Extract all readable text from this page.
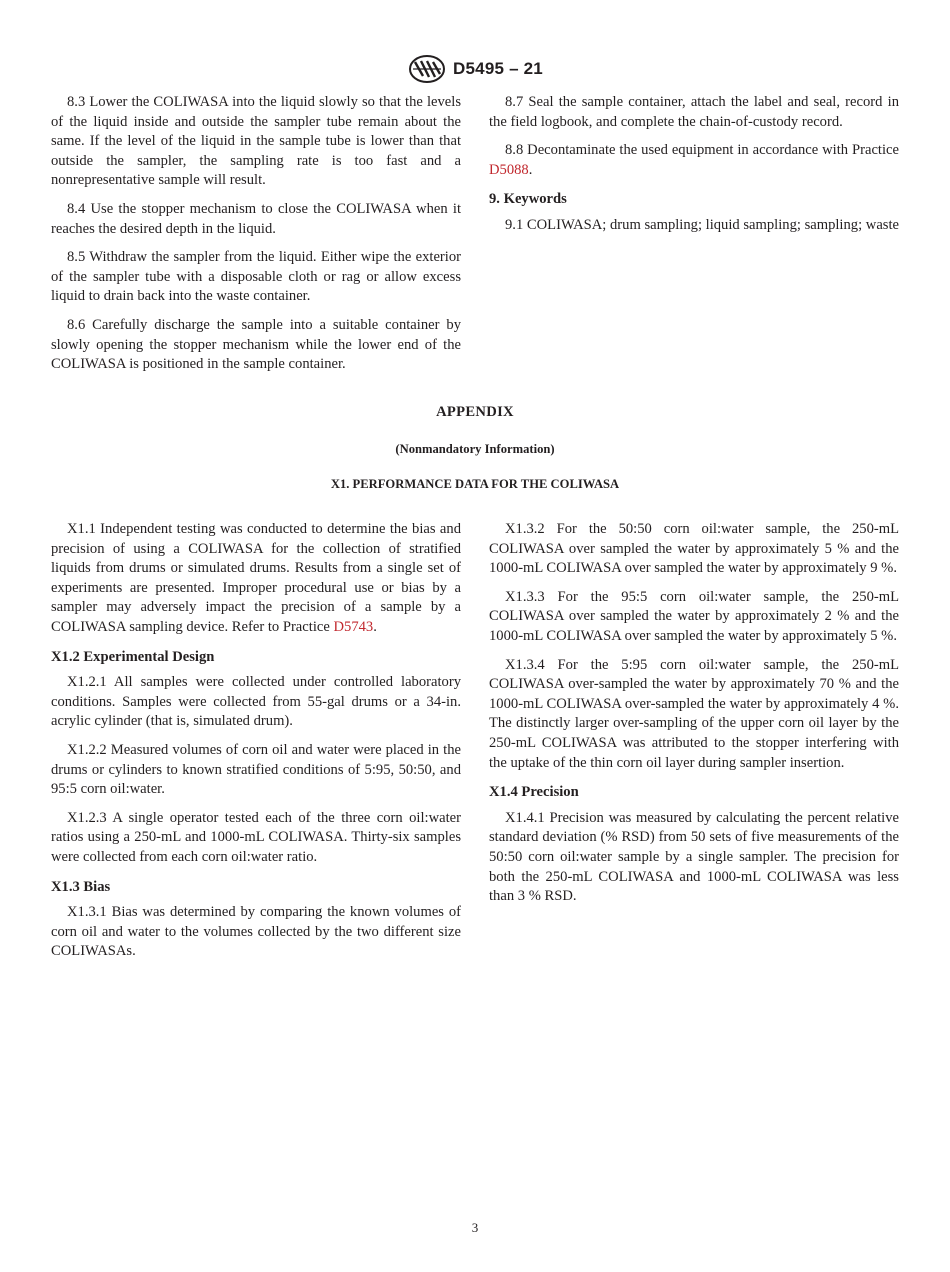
D5495 – 21

8.3 Lower the COLIWASA into the liquid slowly so that the levels of the liquid inside and outside the sampler tube remain about the same. If the level of the liquid in the sample tube is lower than that outside the sampler, the sampling rate is too fast and a nonrepresentative sample will result.

8.4 Use the stopper mechanism to close the COLIWASA when it reaches the desired depth in the liquid.

8.5 Withdraw the sampler from the liquid. Either wipe the exterior of the sampler tube with a disposable cloth or rag or allow excess liquid to drain back into the waste container.

8.6 Carefully discharge the sample into a suitable container by slowly opening the stopper mechanism while the lower end of the COLIWASA is positioned in the sample container.

8.7 Seal the sample container, attach the label and seal, record in the field logbook, and complete the chain-of-custody record.

8.8 Decontaminate the used equipment in accordance with Practice D5088.

9. Keywords

9.1 COLIWASA; drum sampling; liquid sampling; sampling; waste

APPENDIX
(Nonmandatory Information)
X1. PERFORMANCE DATA FOR THE COLIWASA

X1.1 Independent testing was conducted to determine the bias and precision of using a COLIWASA for the collection of stratified liquids from drums or simulated drums. Results from a single set of experiments are presented. Improper procedural use or bias by a sampler may adversely impact the precision of a sample by a COLIWASA sampling device. Refer to Practice D5743.

X1.2 Experimental Design

X1.2.1 All samples were collected under controlled laboratory conditions. Samples were collected from 55-gal drums or a 34-in. acrylic cylinder (that is, simulated drum).

X1.2.2 Measured volumes of corn oil and water were placed in the drums or cylinders to known stratified conditions of 5:95, 50:50, and 95:5 corn oil:water.

X1.2.3 A single operator tested each of the three corn oil:water ratios using a 250-mL and 1000-mL COLIWASA. Thirty-six samples were collected from each corn oil:water ratio.

X1.3 Bias

X1.3.1 Bias was determined by comparing the known volumes of corn oil and water to the volumes collected by the two different size COLIWASAs.

X1.3.2 For the 50:50 corn oil:water sample, the 250-mL COLIWASA over sampled the water by approximately 5 % and the 1000-mL COLIWASA over sampled the water by approximately 9 %.

X1.3.3 For the 95:5 corn oil:water sample, the 250-mL COLIWASA over sampled the water by approximately 2 % and the 1000-mL COLIWASA over sampled the water by approximately 5 %.

X1.3.4 For the 5:95 corn oil:water sample, the 250-mL COLIWASA over-sampled the water by approximately 70 % and the 1000-mL COLIWASA over-sampled the water by approximately 4 %. The distinctly larger over-sampling of the upper corn oil layer by the 250-mL COLIWASA was attributed to the stopper interfering with the uptake of the thin corn oil layer during sampler insertion.

X1.4 Precision

X1.4.1 Precision was measured by calculating the percent relative standard deviation (% RSD) from 50 sets of five measurements of the 50:50 corn oil:water sample by a single sampler. The precision for both the 250-mL COLIWASA and 1000-mL COLIWASA was less than 3 % RSD.

3
